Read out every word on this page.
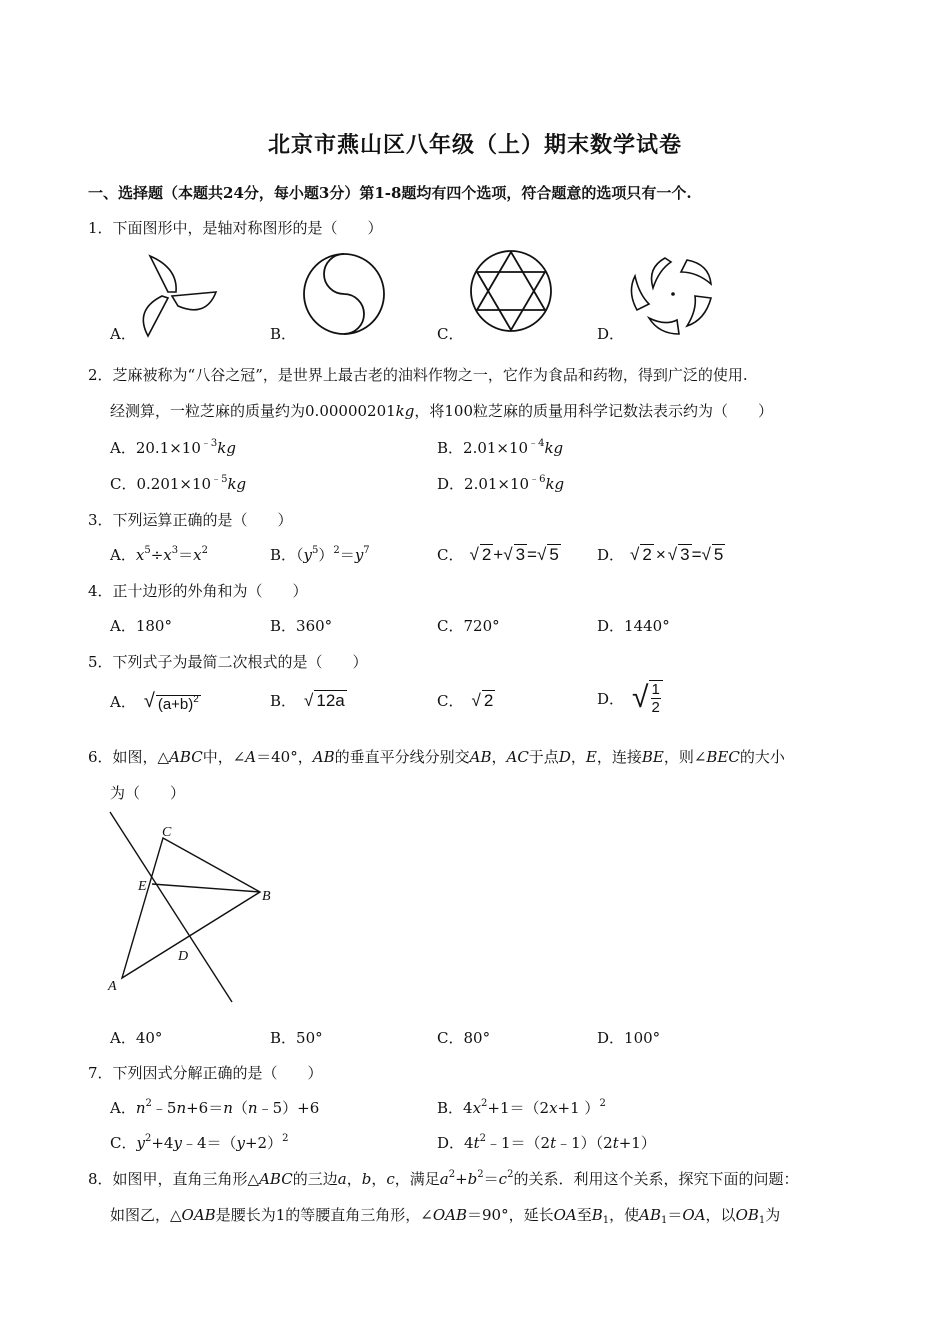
北京市燕山区八年级（上）期末数学试卷
一、选择题（本题共24分，每小题3分）第1-8题均有四个选项，符合题意的选项只有一个.
1．下面图形中，是轴对称图形的是（　　）
A．	B．	C．	D．
2．芝麻被称为“八谷之冠”，是世界上最古老的油料作物之一，它作为食品和药物，得到广泛的使用.
经测算，一粒芝麻的质量约为0.00000201kg，将100粒芝麻的质量用科学记数法表示约为（　　）
A．$20.1\times 10^{﹣3}kg$	B．$2.01\times 10^{﹣4}kg$
C．$0.201\times 10^{﹣5}kg$	D．$2.01\times 10^{﹣6}kg$
3．下列运算正确的是（　　）
A．$x^5\div x^3=x^2$	B．$(y^5)^2=y^7$	C． √ 2 + √ 3 = √ 5	D． √ 2 × √ 3 = √ 5
4．正十边形的外角和为（　　）
A．180°	B．360°	C．720°	D．1440°
5．下列式子为最简二次根式的是（　　）
A． √ $(a+b)^2$	B． √ 12a	C． √ 2	D． √ 1
2
6．如图，△ABC中，∠A＝40°，AB的垂直平分线分别交AB，AC于点D，E，连接BE，则∠BEC的大小
为（　　）
C
B
E
D
A
A．40°	B．50°	C．80°	D．100°
7．下列因式分解正确的是（　　）
A．$n^2﹣5n+6=n(n﹣5)+6$	B．$4x^2+1=(2x+1$ ）$^2$
C．$y^2+4y﹣4=(y+2)^2$	D．$4t^2﹣1=(2t﹣1)(2t+1)$
8．如图甲，直角三角形△ABC的三边a，b，c，满足$a^2+b^2=c^2$的关系．利用这个关系，探究下面的问题：
如图乙，△OAB是腰长为1的等腰直角三角形，∠OAB＝90°，延长OA至$B_1$，使$AB_1=OA$，以$OB_1$为
